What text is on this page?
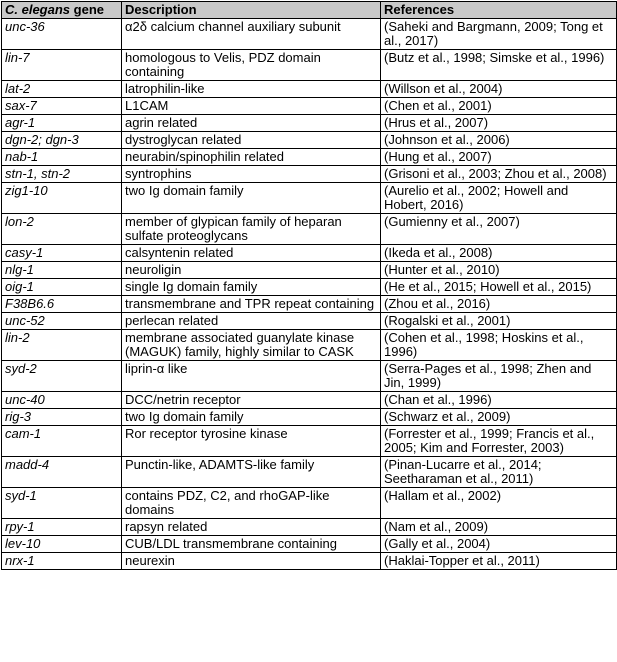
C. elegans gene	Description	References
unc-36	α2δ calcium channel auxiliary subunit	(Saheki and Bargmann, 2009; Tong et al., 2017)
lin-7	homologous to Velis, PDZ domain containing	(Butz et al., 1998; Simske et al., 1996)
lat-2	latrophilin-like	(Willson et al., 2004)
sax-7	L1CAM	(Chen et al., 2001)
agr-1	agrin related	(Hrus et al., 2007)
dgn-2; dgn-3	dystroglycan related	(Johnson et al., 2006)
nab-1	neurabin/spinophilin related	(Hung et al., 2007)
stn-1, stn-2	syntrophins	(Grisoni et al., 2003; Zhou et al., 2008)
zig1-10	two Ig domain family	(Aurelio et al., 2002; Howell and Hobert, 2016)
lon-2	member of glypican family of heparan sulfate proteoglycans	(Gumienny et al., 2007)
casy-1	calsyntenin related	(Ikeda et al., 2008)
nlg-1	neuroligin	(Hunter et al., 2010)
oig-1	single Ig domain family	(He et al., 2015; Howell et al., 2015)
F38B6.6	transmembrane and TPR repeat containing	(Zhou et al., 2016)
unc-52	perlecan related	(Rogalski et al., 2001)
lin-2	membrane associated guanylate kinase (MAGUK) family, highly similar to CASK	(Cohen et al., 1998; Hoskins et al., 1996)
syd-2	liprin-α like	(Serra-Pages et al., 1998; Zhen and Jin, 1999)
unc-40	DCC/netrin receptor	(Chan et al., 1996)
rig-3	two Ig domain family	(Schwarz et al., 2009)
cam-1	Ror receptor tyrosine kinase	(Forrester et al., 1999; Francis et al., 2005; Kim and Forrester, 2003)
madd-4	Punctin-like, ADAMTS-like family	(Pinan-Lucarre et al., 2014; Seetharaman et al., 2011)
syd-1	contains PDZ, C2, and rhoGAP-like domains	(Hallam et al., 2002)
rpy-1	rapsyn related	(Nam et al., 2009)
lev-10	CUB/LDL transmembrane containing	(Gally et al., 2004)
nrx-1	neurexin	(Haklai-Topper et al., 2011)
